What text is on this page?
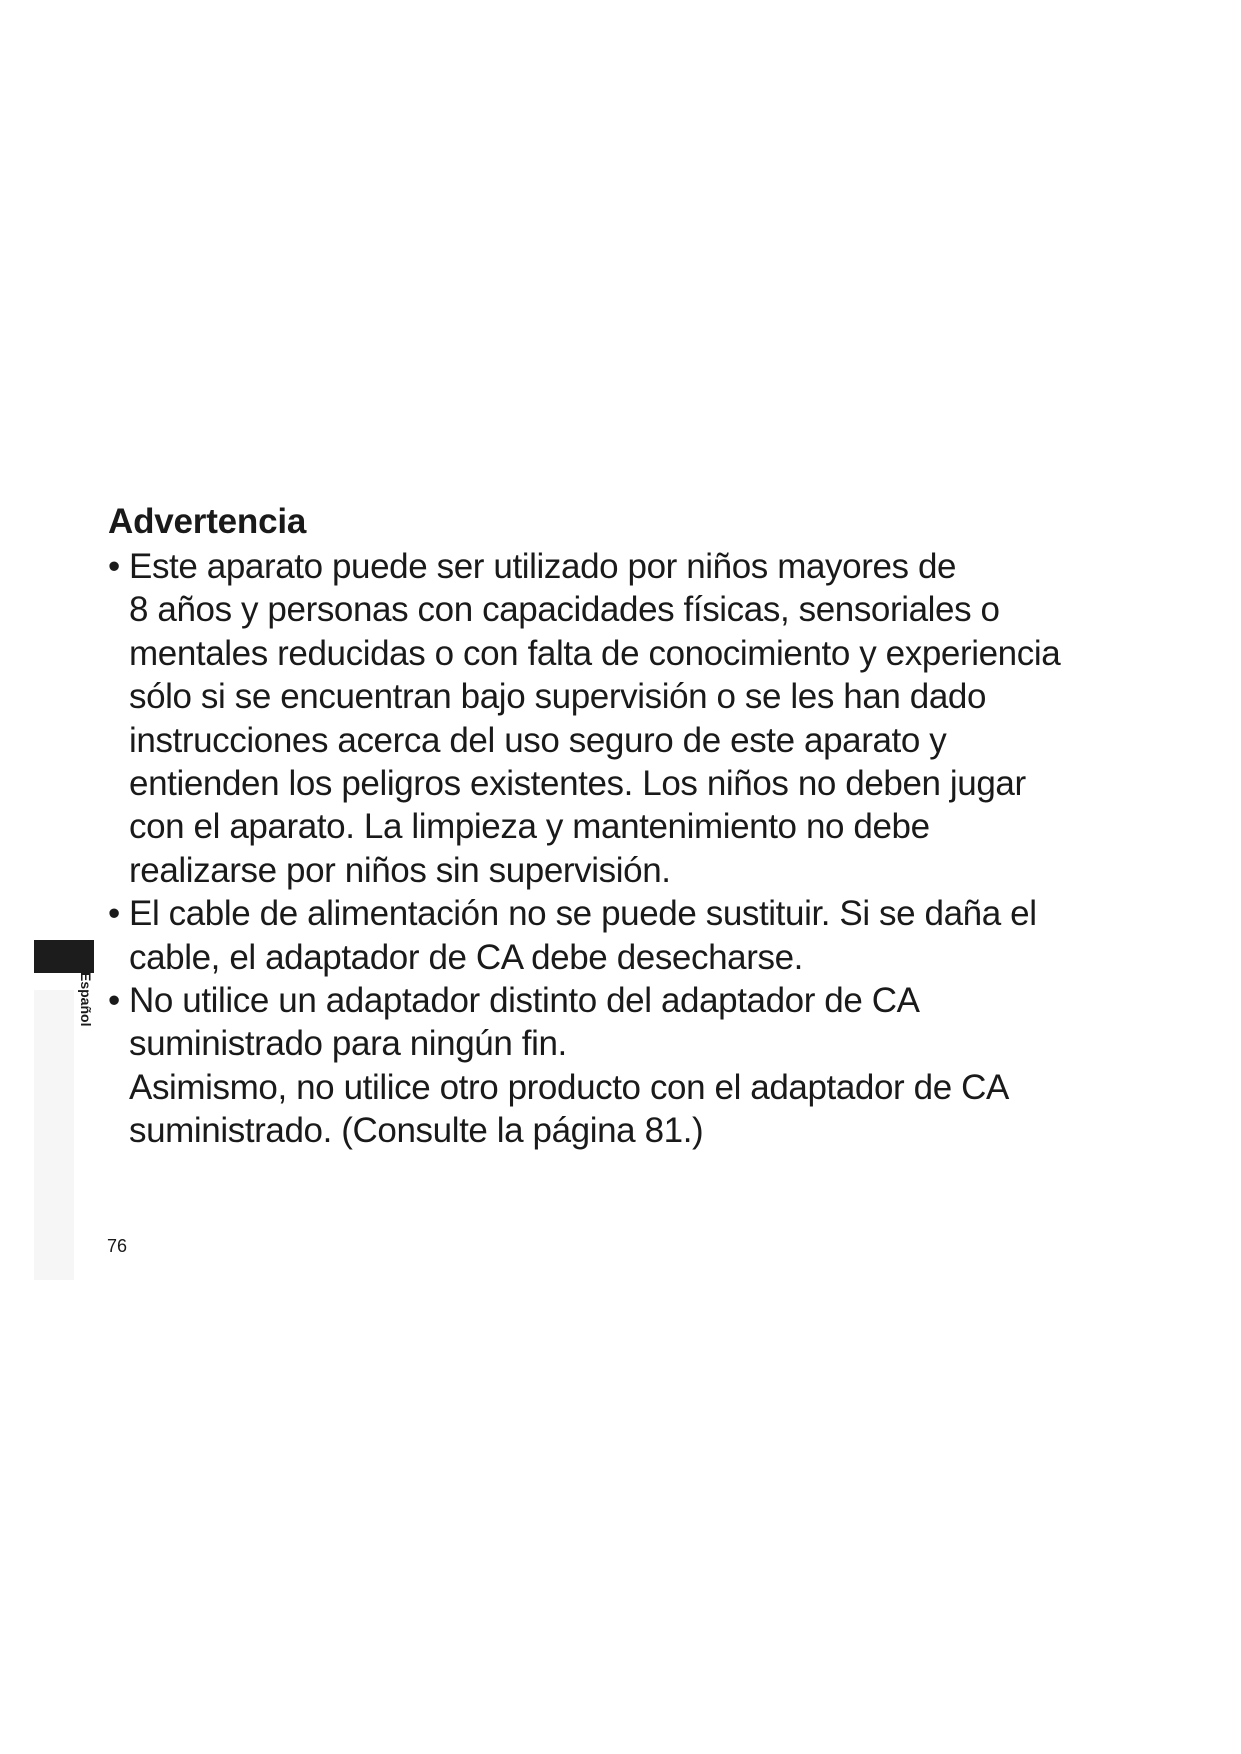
Español
Advertencia
• Este aparato puede ser utilizado por niños mayores de
8 años y personas con capacidades físicas, sensoriales o
mentales reducidas o con falta de conocimiento y experiencia
sólo si se encuentran bajo supervisión o se les han dado
instrucciones acerca del uso seguro de este aparato y
entienden los peligros existentes. Los niños no deben jugar
con el aparato. La limpieza y mantenimiento no debe
realizarse por niños sin supervisión.
• El cable de alimentación no se puede sustituir. Si se daña el
cable, el adaptador de CA debe desecharse.
• No utilice un adaptador distinto del adaptador de CA
suministrado para ningún fin.
Asimismo, no utilice otro producto con el adaptador de CA
suministrado. (Consulte la página 81.)
76
